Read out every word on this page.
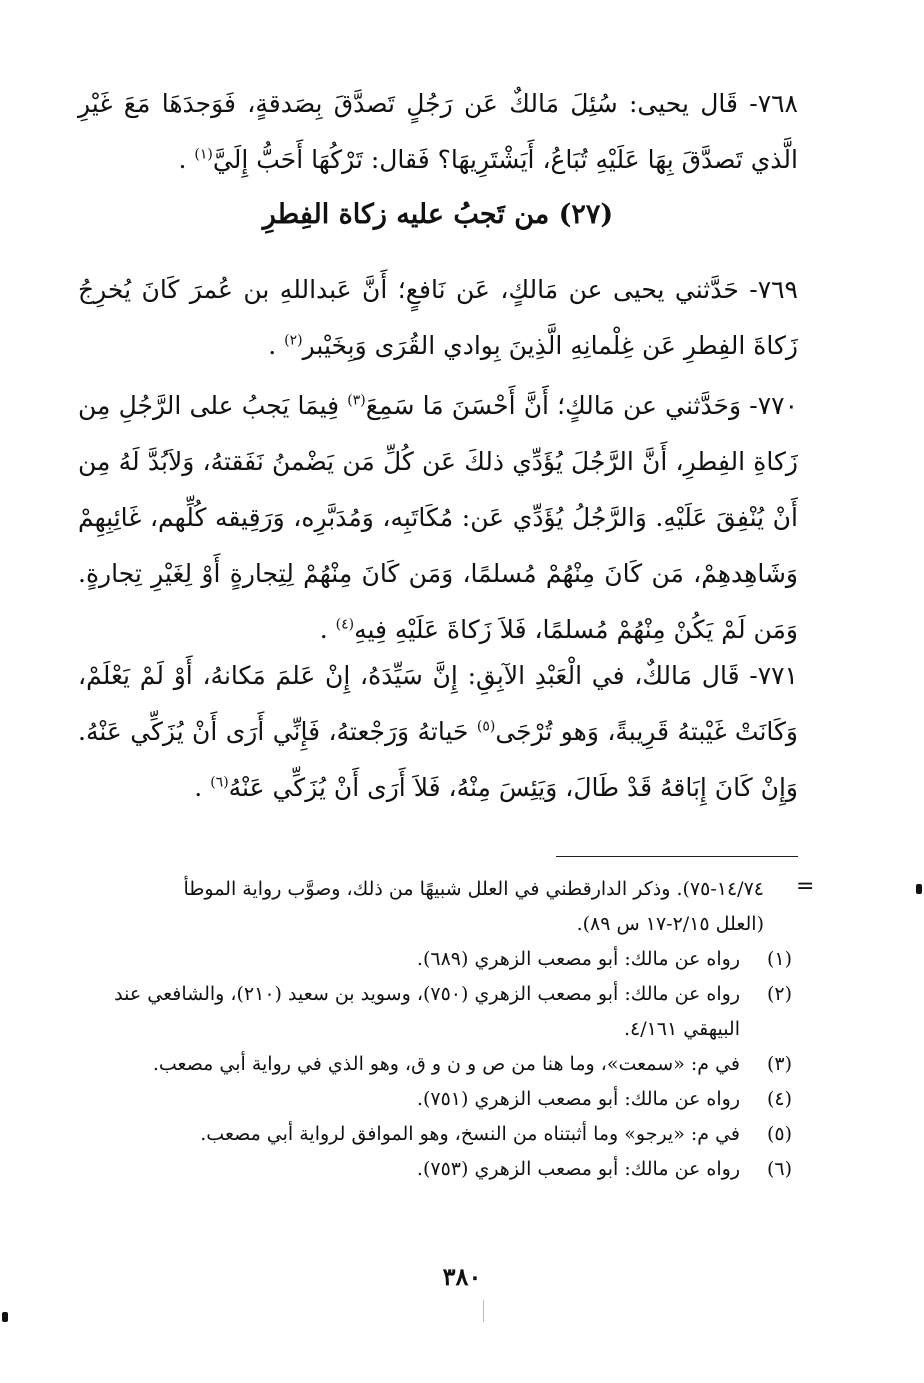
٧٦٨- قَال يحيى: سُئِلَ مَالكٌ عَن رَجُلٍ تَصدَّقَ بِصَدقةٍ، فَوَجدَهَا مَعَ غَيْرِ الَّذي تَصدَّقَ بِهَا عَلَيْهِ تُبَاعُ، أَيَشْتَرِيهَا؟ فَقال: تَرْكُهَا أَحَبُّ إِلَيَّ$^{(١)}$ .

(٢٧) من تَجبُ عليه زكاة الفِطرِ

٧٦٩- حَدَّثني يحيى عن مَالكٍ، عَن نَافعٍ؛ أَنَّ عَبداللهِ بن عُمرَ كَانَ يُخرِجُ زَكاةَ الفِطرِ عَن غِلْمانِهِ الَّذِينَ بِوادي القُرَى وَبِخَيْبر$^{(٢)}$ .

٧٧٠- وَحَدَّثني عن مَالكٍ؛ أَنَّ أَحْسَنَ مَا سَمِعَ$^{(٣)}$ فِيمَا يَجبُ على الرَّجُلِ مِن زَكاةِ الفِطرِ، أَنَّ الرَّجُلَ يُؤَدِّي ذلكَ عَن كُلِّ مَن يَضْمنُ نَفَقتهُ، وَلاَبُدَّ لَهُ مِن أَنْ يُنْفِقَ عَلَيْهِ. وَالرَّجُلُ يُؤَدِّي عَن: مُكَاتَبِه، وَمُدَبَّرِه، وَرَقِيقه كُلِّهم، غَائِبِهِمْ وَشَاهِدهِمْ، مَن كَانَ مِنْهُمْ مُسلمًا، وَمَن كَانَ مِنْهُمْ لِتِجارةٍ أَوْ لِغَيْرِ تِجارةٍ. وَمَن لَمْ يَكُنْ مِنْهُمْ مُسلمًا، فَلاَ زَكاةَ عَلَيْهِ فِيهِ$^{(٤)}$ .

٧٧١- قَال مَالكٌ، في الْعَبْدِ الآبِقِ: إِنَّ سَيِّدَهُ، إِنْ عَلمَ مَكانهُ، أَوْ لَمْ يَعْلَمْ، وَكَانَتْ غَيْبتهُ قَرِيبةً، وَهو تُرْجَى$^{(٥)}$ حَياتهُ وَرَجْعتهُ، فَإِنِّي أَرَى أَنْ يُزَكِّي عَنْهُ. وَإِنْ كَانَ إِبَاقهُ قَدْ طَالَ، وَيَئِسَ مِنْهُ، فَلاَ أَرَى أَنْ يُزَكِّي عَنْهُ$^{(٦)}$ .

=

١٤/٧٤-٧٥). وذكر الدارقطني في العلل شبيهًا من ذلك، وصوَّب رواية الموطأ
(العلل ٢/١٥-١٧ س ٨٩).

(١)
رواه عن مالك: أبو مصعب الزهري (٦٨٩).

(٢)
رواه عن مالك: أبو مصعب الزهري (٧٥٠)، وسويد بن سعيد (٢١٠)، والشافعي عند البيهقي ٤/١٦١.

(٣)
في م: «سمعت»، وما هنا من ص و ن و ق، وهو الذي في رواية أبي مصعب.

(٤)
رواه عن مالك: أبو مصعب الزهري (٧٥١).

(٥)
في م: «يرجو» وما أثبتناه من النسخ، وهو الموافق لرواية أبي مصعب.

(٦)
رواه عن مالك: أبو مصعب الزهري (٧٥٣).

٣٨٠
